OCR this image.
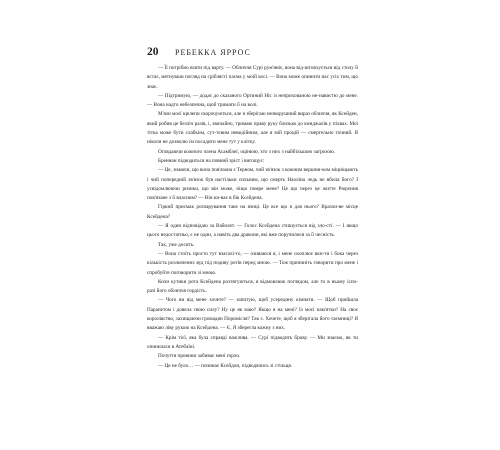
20 РЕБЕККА ЯРРОС

— Її потрібно взяти під варту. — Обличчя Сурі рум'яніє, вона від-штовхується від столу й встає, метнувши погляд на сріблясті пасма у моїй косі. — Вона може опинити нас усіх тим, що знає.

— Підтримую, — додає до сказаного Ортиний Ніс із неприхованою не-навистю до мене. — Вона надто небезпечна, щоб тримати її на волі.

М'язи моєї щелепи скорочуються, але я зберігаю незворушний вираз обличчя, як Ксейден, який робив це безліч разів, і, звичайно, тримаю праву руку близько до кинджалів у піхвах. Мої тітка може бути слабким, сут-тєвим невидійним, але я мій процій — смертельно точний. Я ніколи не дозволю їм посадити мене тут у клітку.

Оглядаючи кожного члена Асамблеї, оцінюю, хто з них з найбільшою загрозою.

Бреннан підводиться на повний зріст і вигощує:

— Це, знаючи, що вона пов'язана з Терном, чий зв'язок з кожним вершни-ком міцніщають і чий попередній зв'язок був настільки сильним, що смерть Наоліна ледь не вбила його? І усвідомлюючи ризики, що він може, ніщо помре мене? Це що через це житте Рюрєния пов'язане з її власним? — Він ки-ває в бік Ксейдена.

Гіркий присмак розчарування таке на язиці. Це все що я для нього? Вразли-ве місце Ксейдена?

— Я один відповідаю за Вайолет. — Голос Ксейдена стишується від зло-сті. — І якщо цього недостатньо, є не один, а навіть два дракони, які вже поручилися за її чесність.

Так, уже досить.

— Вона стоїть просто тут взагалі-то, — озиваюся я, і мене охоплює вкн-ти і бока через кількість розлючених вуд під подиву ротів перед мною. — Тож припиніть говорити про мене і спробуйте поговорити зі мною.

Коли кутики рота Ксейдена розтягуються, я відмовлюю поглядом, але то в ньому іспо-разі його обличчя гордість.

— Чого ви від мене хочете? — запитую, щоб усередину кімнати. — Щоб прийшла Парапетом і довела свою силу? Ну це як маю? Якщо я на мені? Із моєї пам'ятки? На своє королівство, захищаючи громадян Поромісля? Так є. Хочете, щоб я зберігала його таємниці? Я вважаю ліву рукою на Ксейдена. — Є, Я зберегла кожну з них.

— Крім тієї, яка була справді важлива. — Сурі підводить брову. — Ми знаємо, як ти опинилася в Атебаїні.

Почуття провини забиває мені горло.

— Це не було… — починає Ксейдон, підводячись зі стільця.
